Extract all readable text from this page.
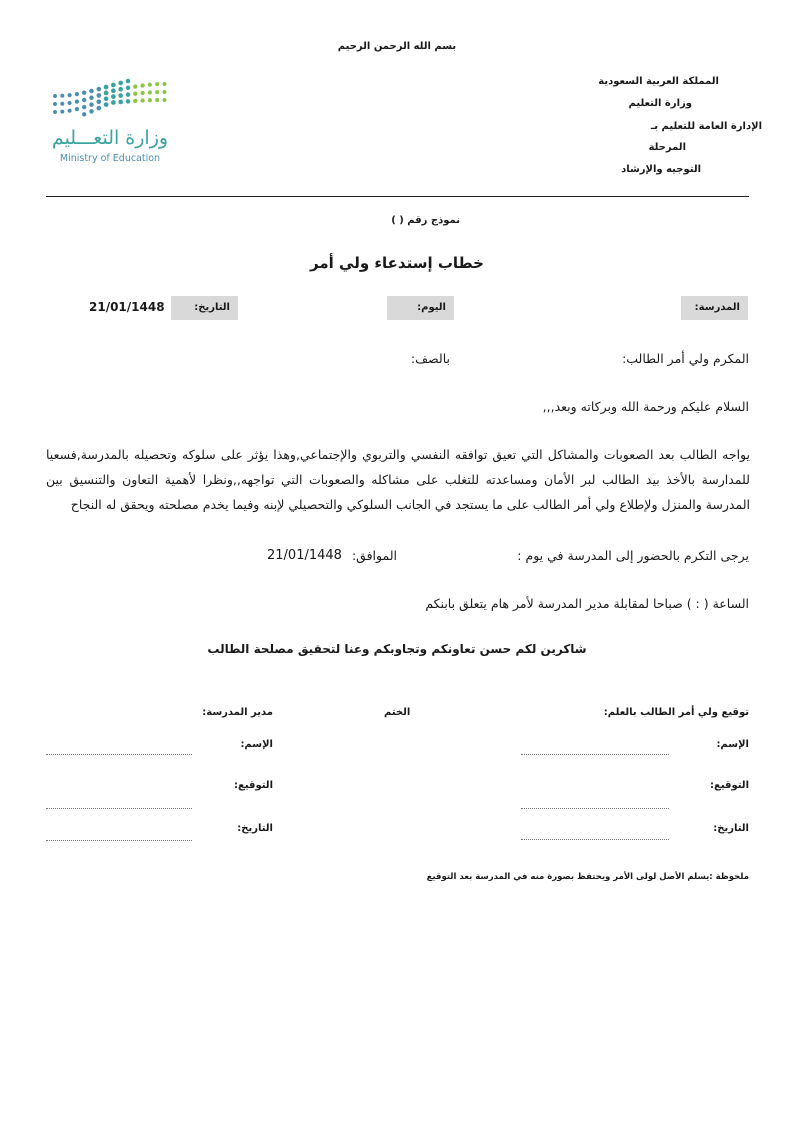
بسم الله الرحمن الرحيم
المملكة العربية السعودية
وزارة التعليم
الإدارة العامة للتعليم بـ
المرحلة
التوجيه والإرشاد
وزارة التعـــليم
Ministry of Education
نموذج رقم ( )
خطاب إستدعاء ولي أمر
المدرسة:
اليوم:
التاريخ:
21/01/1448
المكرم ولي أمر الطالب:
بالصف:
السلام عليكم ورحمة الله وبركاته وبعد,,,
يواجه الطالب بعد الصعوبات والمشاكل التي تعيق توافقه النفسي والتربوي والإجتماعي,وهذا يؤثر على سلوكه وتحصيله بالمدرسة,فسعيا للمدارسة بالأخذ بيد الطالب لبر الأمان ومساعدته للتغلب على مشاكله والصعوبات التي تواجهه,,ونظرا لأهمية التعاون والتنسيق بين المدرسة والمنزل ولإطلاع ولي أمر الطالب على ما يستجد في الجانب السلوكي والتحصيلي لإبنه وفيما يخدم مصلحته ويحقق له النجاح
يرجى التكرم بالحضور إلى المدرسة في يوم :
الموافق:
21/01/1448
الساعة ( : ) صباحا لمقابلة مدير المدرسة لأمر هام يتعلق بابنكم
شاكرين لكم حسن تعاونكم وتجاوبكم وعنا لتحقيق مصلحة الطالب
توقيع ولي أمر الطالب بالعلم:
الختم
مدير المدرسة:
الإسم:
التوقيع:
التاريخ:
الإسم:
التوقيع:
التاريخ:
ملحوظة :يسلم الأصل لولى الأمر ويحتفظ بصورة منه في المدرسة بعد التوقيع
